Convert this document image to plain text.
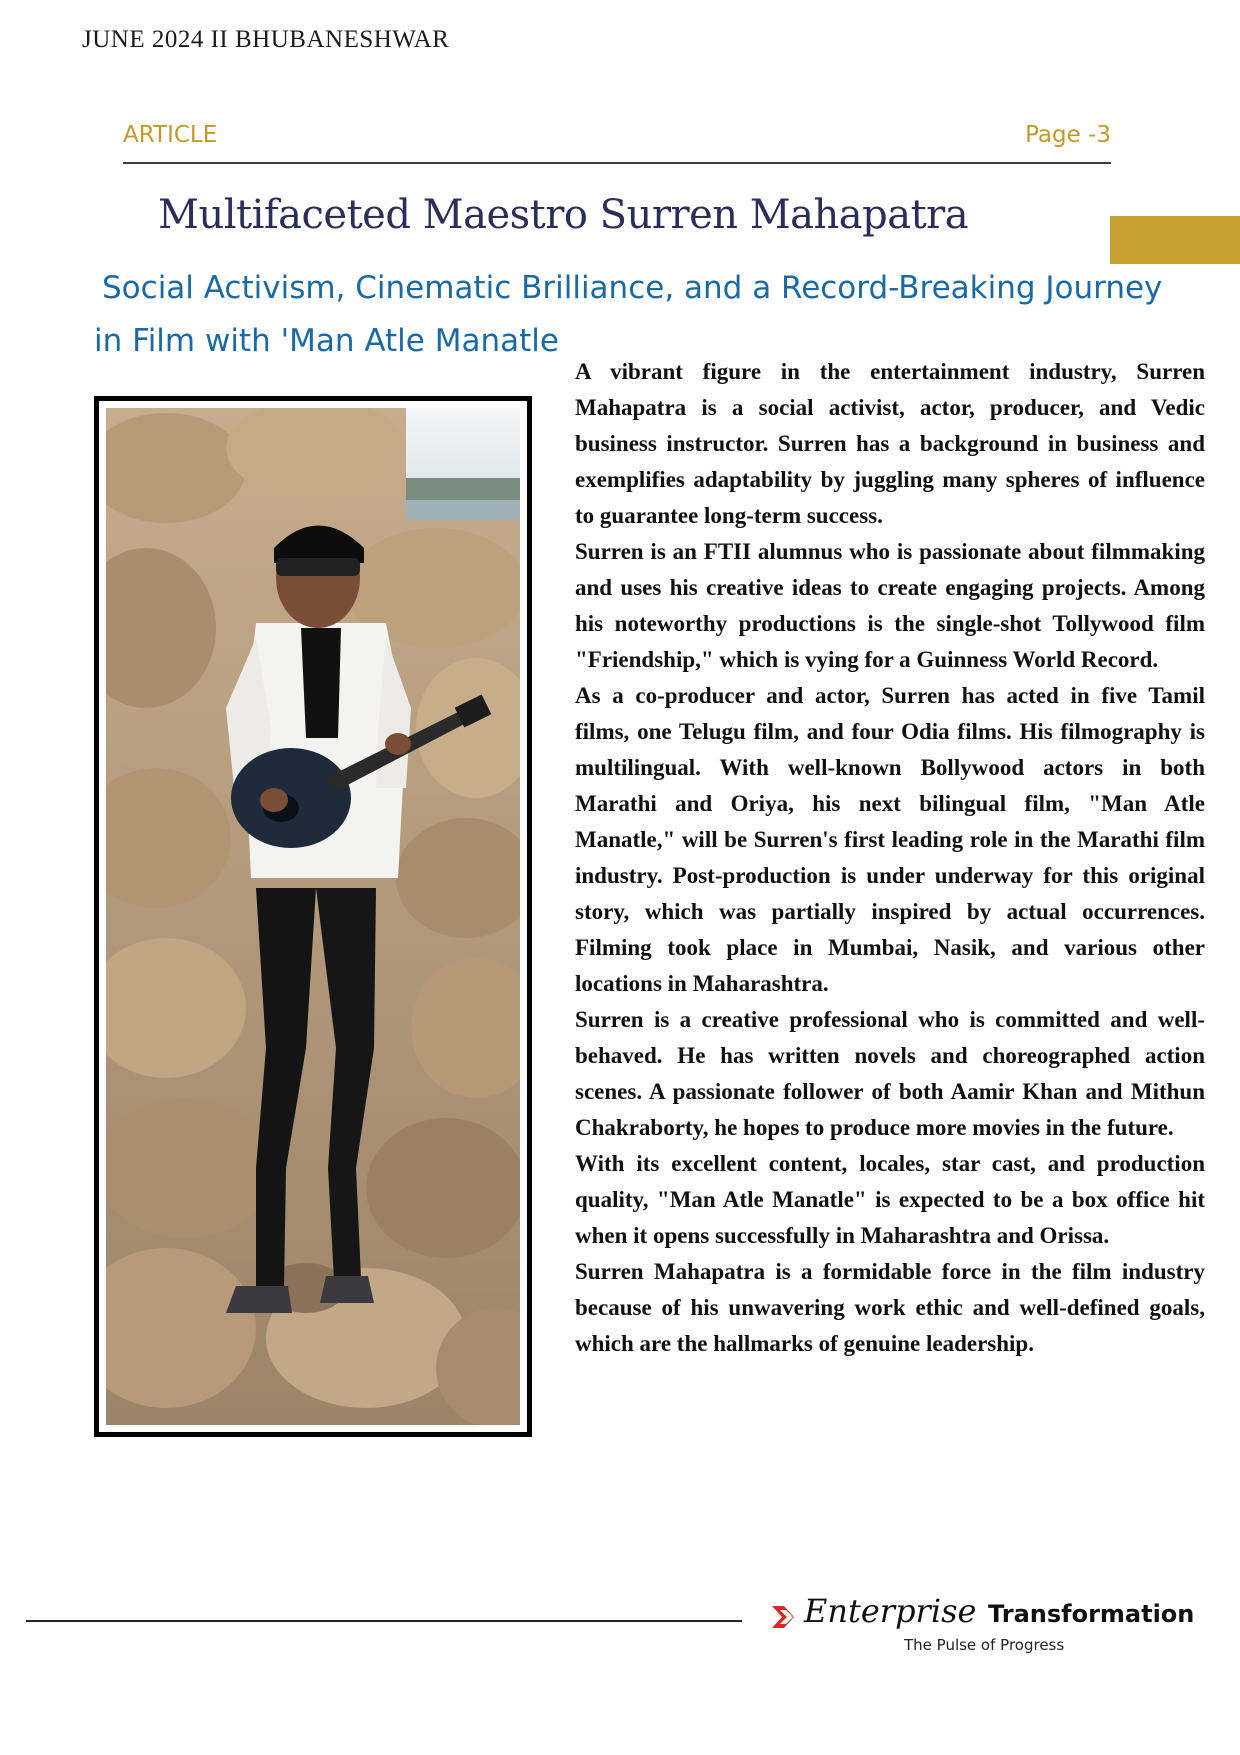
JUNE 2024 II BHUBANESHWAR
ARTICLE	Page -3
Multifaceted Maestro Surren Mahapatra
Social Activism, Cinematic Brilliance, and a Record-Breaking Journey
in Film with 'Man Atle Manatle

A vibrant figure in the entertainment industry, Surren Mahapatra is a social activist, actor, producer, and Vedic business instructor. Surren has a background in business and exemplifies adaptability by juggling many spheres of influence to guarantee long-term success.

Surren is an FTII alumnus who is passionate about filmmaking and uses his creative ideas to create engaging projects. Among his noteworthy productions is the single-shot Tollywood film "Friendship," which is vying for a Guinness World Record.

As a co-producer and actor, Surren has acted in five Tamil films, one Telugu film, and four Odia films. His filmography is multilingual. With well-known Bollywood actors in both Marathi and Oriya, his next bilingual film, "Man Atle Manatle," will be Surren's first leading role in the Marathi film industry. Post-production is under underway for this original story, which was partially inspired by actual occurrences. Filming took place in Mumbai, Nasik, and various other locations in Maharashtra.

Surren is a creative professional who is committed and well-behaved. He has written novels and choreographed action scenes. A passionate follower of both Aamir Khan and Mithun Chakraborty, he hopes to produce more movies in the future.

With its excellent content, locales, star cast, and production quality, "Man Atle Manatle" is expected to be a box office hit when it opens successfully in Maharashtra and Orissa.

Surren Mahapatra is a formidable force in the film industry because of his unwavering work ethic and well-defined goals, which are the hallmarks of genuine leadership.

Enterprise Transformation
The Pulse of Progress
